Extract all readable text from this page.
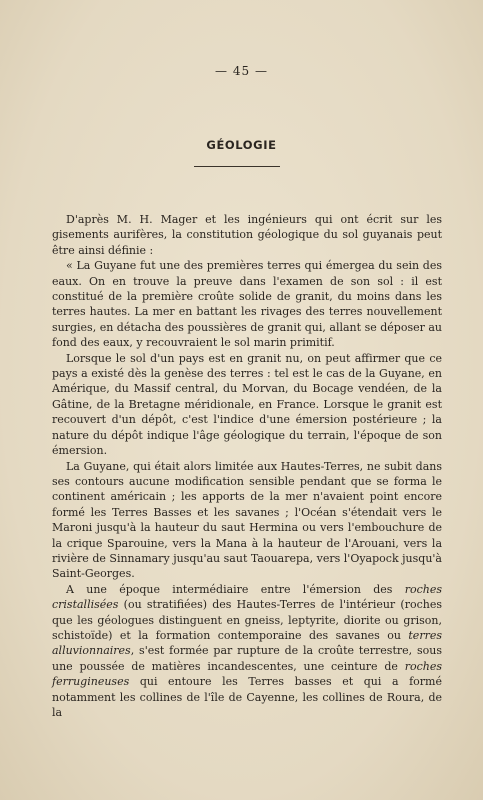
— 45 —
GÉOLOGIE

D'après M. H. Mager et les ingénieurs qui ont écrit sur les gisements aurifères, la constitution géologique du sol guyanais peut être ainsi définie :

« La Guyane fut une des premières terres qui émergea du sein des eaux. On en trouve la preuve dans l'examen de son sol : il est constitué de la première croûte solide de granit, du moins dans les terres hautes. La mer en battant les rivages des terres nouvellement surgies, en détacha des poussières de granit qui, allant se déposer au fond des eaux, y recouvraient le sol marin primitif.

Lorsque le sol d'un pays est en granit nu, on peut affirmer que ce pays a existé dès la genèse des terres : tel est le cas de la Guyane, en Amérique, du Massif central, du Morvan, du Bocage vendéen, de la Gâtine, de la Bretagne méridionale, en France. Lorsque le granit est recouvert d'un dépôt, c'est l'indice d'une émersion postérieure ; la nature du dépôt indique l'âge géologique du terrain, l'époque de son émersion.

La Guyane, qui était alors limitée aux Hautes-Terres, ne subit dans ses contours aucune modification sensible pendant que se forma le continent américain ; les apports de la mer n'avaient point encore formé les Terres Basses et les savanes ; l'Océan s'étendait vers le Maroni jusqu'à la hauteur du saut Hermina ou vers l'embouchure de la crique Sparouine, vers la Mana à la hauteur de l'Arouani, vers la rivière de Sinnamary jusqu'au saut Taouarepa, vers l'Oyapock jusqu'à Saint-Georges.

A une époque intermédiaire entre l'émersion des roches cristallisées (ou stratifiées) des Hautes-Terres de l'intérieur (roches que les géologues distinguent en gneiss, leptyrite, diorite ou grison, schistoïde) et la formation contemporaine des savanes ou terres alluvionnaires, s'est formée par rupture de la croûte terrestre, sous une poussée de matières incandescentes, une ceinture de roches ferrugineuses qui entoure les Terres basses et qui a formé notamment les collines de l'île de Cayenne, les collines de Roura, de la
